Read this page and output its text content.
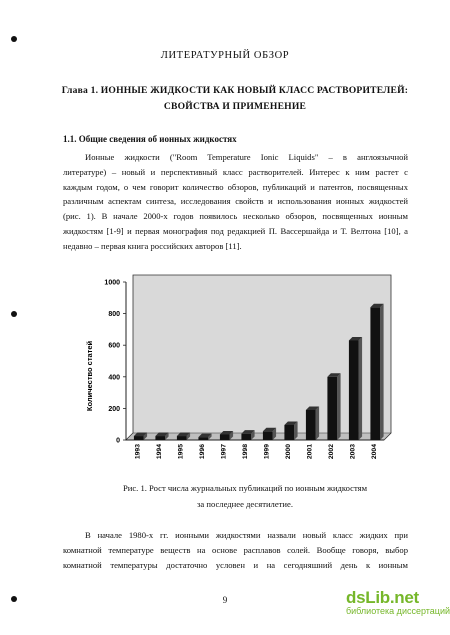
ЛИТЕРАТУРНЫЙ ОБЗОР
Глава 1. ИОННЫЕ ЖИДКОСТИ КАК НОВЫЙ КЛАСС РАСТВОРИТЕЛЕЙ:
СВОЙСТВА И ПРИМЕНЕНИЕ
1.1. Общие сведения об ионных жидкостях
Ионные жидкости ("Room Temperature Ionic Liquids" – в англоязычной
литературе) – новый и перспективный класс растворителей. Интерес к ним растет с
каждым годом, о чем говорит количество обзоров, публикаций и патентов, посвященных
различным аспектам синтеза, исследования свойств и использования ионных жидкостей
(рис. 1). В начале 2000-х годов появилось несколько обзоров, посвященных ионным
жидкостям [1-9] и первая монография под редакцией П. Вассершайда и Т. Велтона [10], а
недавно – первая книга российских авторов [11].
0
200
400
600
800
1000
1993 1994 1995 1996 1997 1998 1999 2000 2001 2002 2003 2004
Количество статей
Рис. 1. Рост числа журнальных публикаций по ионным жидкостям
за последнее десятилетие.
В начале 1980-х гг. ионными жидкостями назвали новый класс жидких при
комнатной температуре веществ на основе расплавов солей. Вообще говоря, выбор
комнатной температуры достаточно условен и на сегодняшний день к ионным
9	dsLib.net
библиотека диссертаций
